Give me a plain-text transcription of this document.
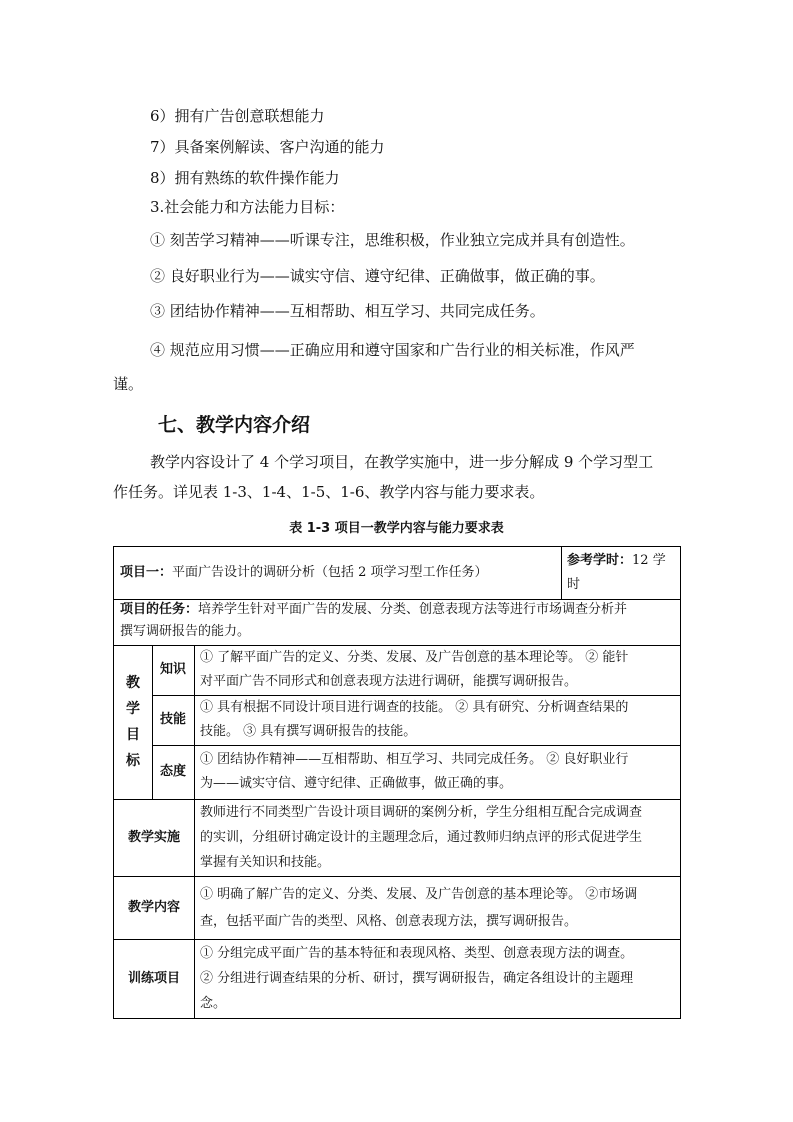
6）拥有广告创意联想能力
7）具备案例解读、客户沟通的能力
8）拥有熟练的软件操作能力
3.社会能力和方法能力目标：
① 刻苦学习精神——听课专注，思维积极，作业独立完成并具有创造性。
② 良好职业行为——诚实守信、遵守纪律、正确做事，做正确的事。
③ 团结协作精神——互相帮助、相互学习、共同完成任务。
④ 规范应用习惯——正确应用和遵守国家和广告行业的相关标准，作风严
谨。
七、教学内容介绍
教学内容设计了 4 个学习项目，在教学实施中，进一步分解成 9 个学习型工
作任务。详见表 1-3、1-4、1-5、1-6、教学内容与能力要求表。
表 1-3 项目一教学内容与能力要求表
项目一： 平面广告设计的调研分析（包括 2 项学习型工作任务）
参考学时：12 学
时
项目的任务：培养学生针对平面广告的发展、分类、创意表现方法等进行市场调查分析并
撰写调研报告的能力。
教
学
目
标
知识
① 了解平面广告的定义、分类、发展、及广告创意的基本理论等。 ② 能针
对平面广告不同形式和创意表现方法进行调研，能撰写调研报告。
技能
① 具有根据不同设计项目进行调查的技能。 ② 具有研究、分析调查结果的
技能。 ③ 具有撰写调研报告的技能。
态度
① 团结协作精神——互相帮助、相互学习、共同完成任务。 ② 良好职业行
为——诚实守信、遵守纪律、正确做事，做正确的事。
教学实施
教师进行不同类型广告设计项目调研的案例分析，学生分组相互配合完成调查
的实训，分组研讨确定设计的主题理念后，通过教师归纳点评的形式促进学生
掌握有关知识和技能。
教学内容
① 明确了解广告的定义、分类、发展、及广告创意的基本理论等。 ②市场调
查，包括平面广告的类型、风格、创意表现方法，撰写调研报告。
训练项目
① 分组完成平面广告的基本特征和表现风格、类型、创意表现方法的调查。
② 分组进行调查结果的分析、研讨，撰写调研报告，确定各组设计的主题理
念。
